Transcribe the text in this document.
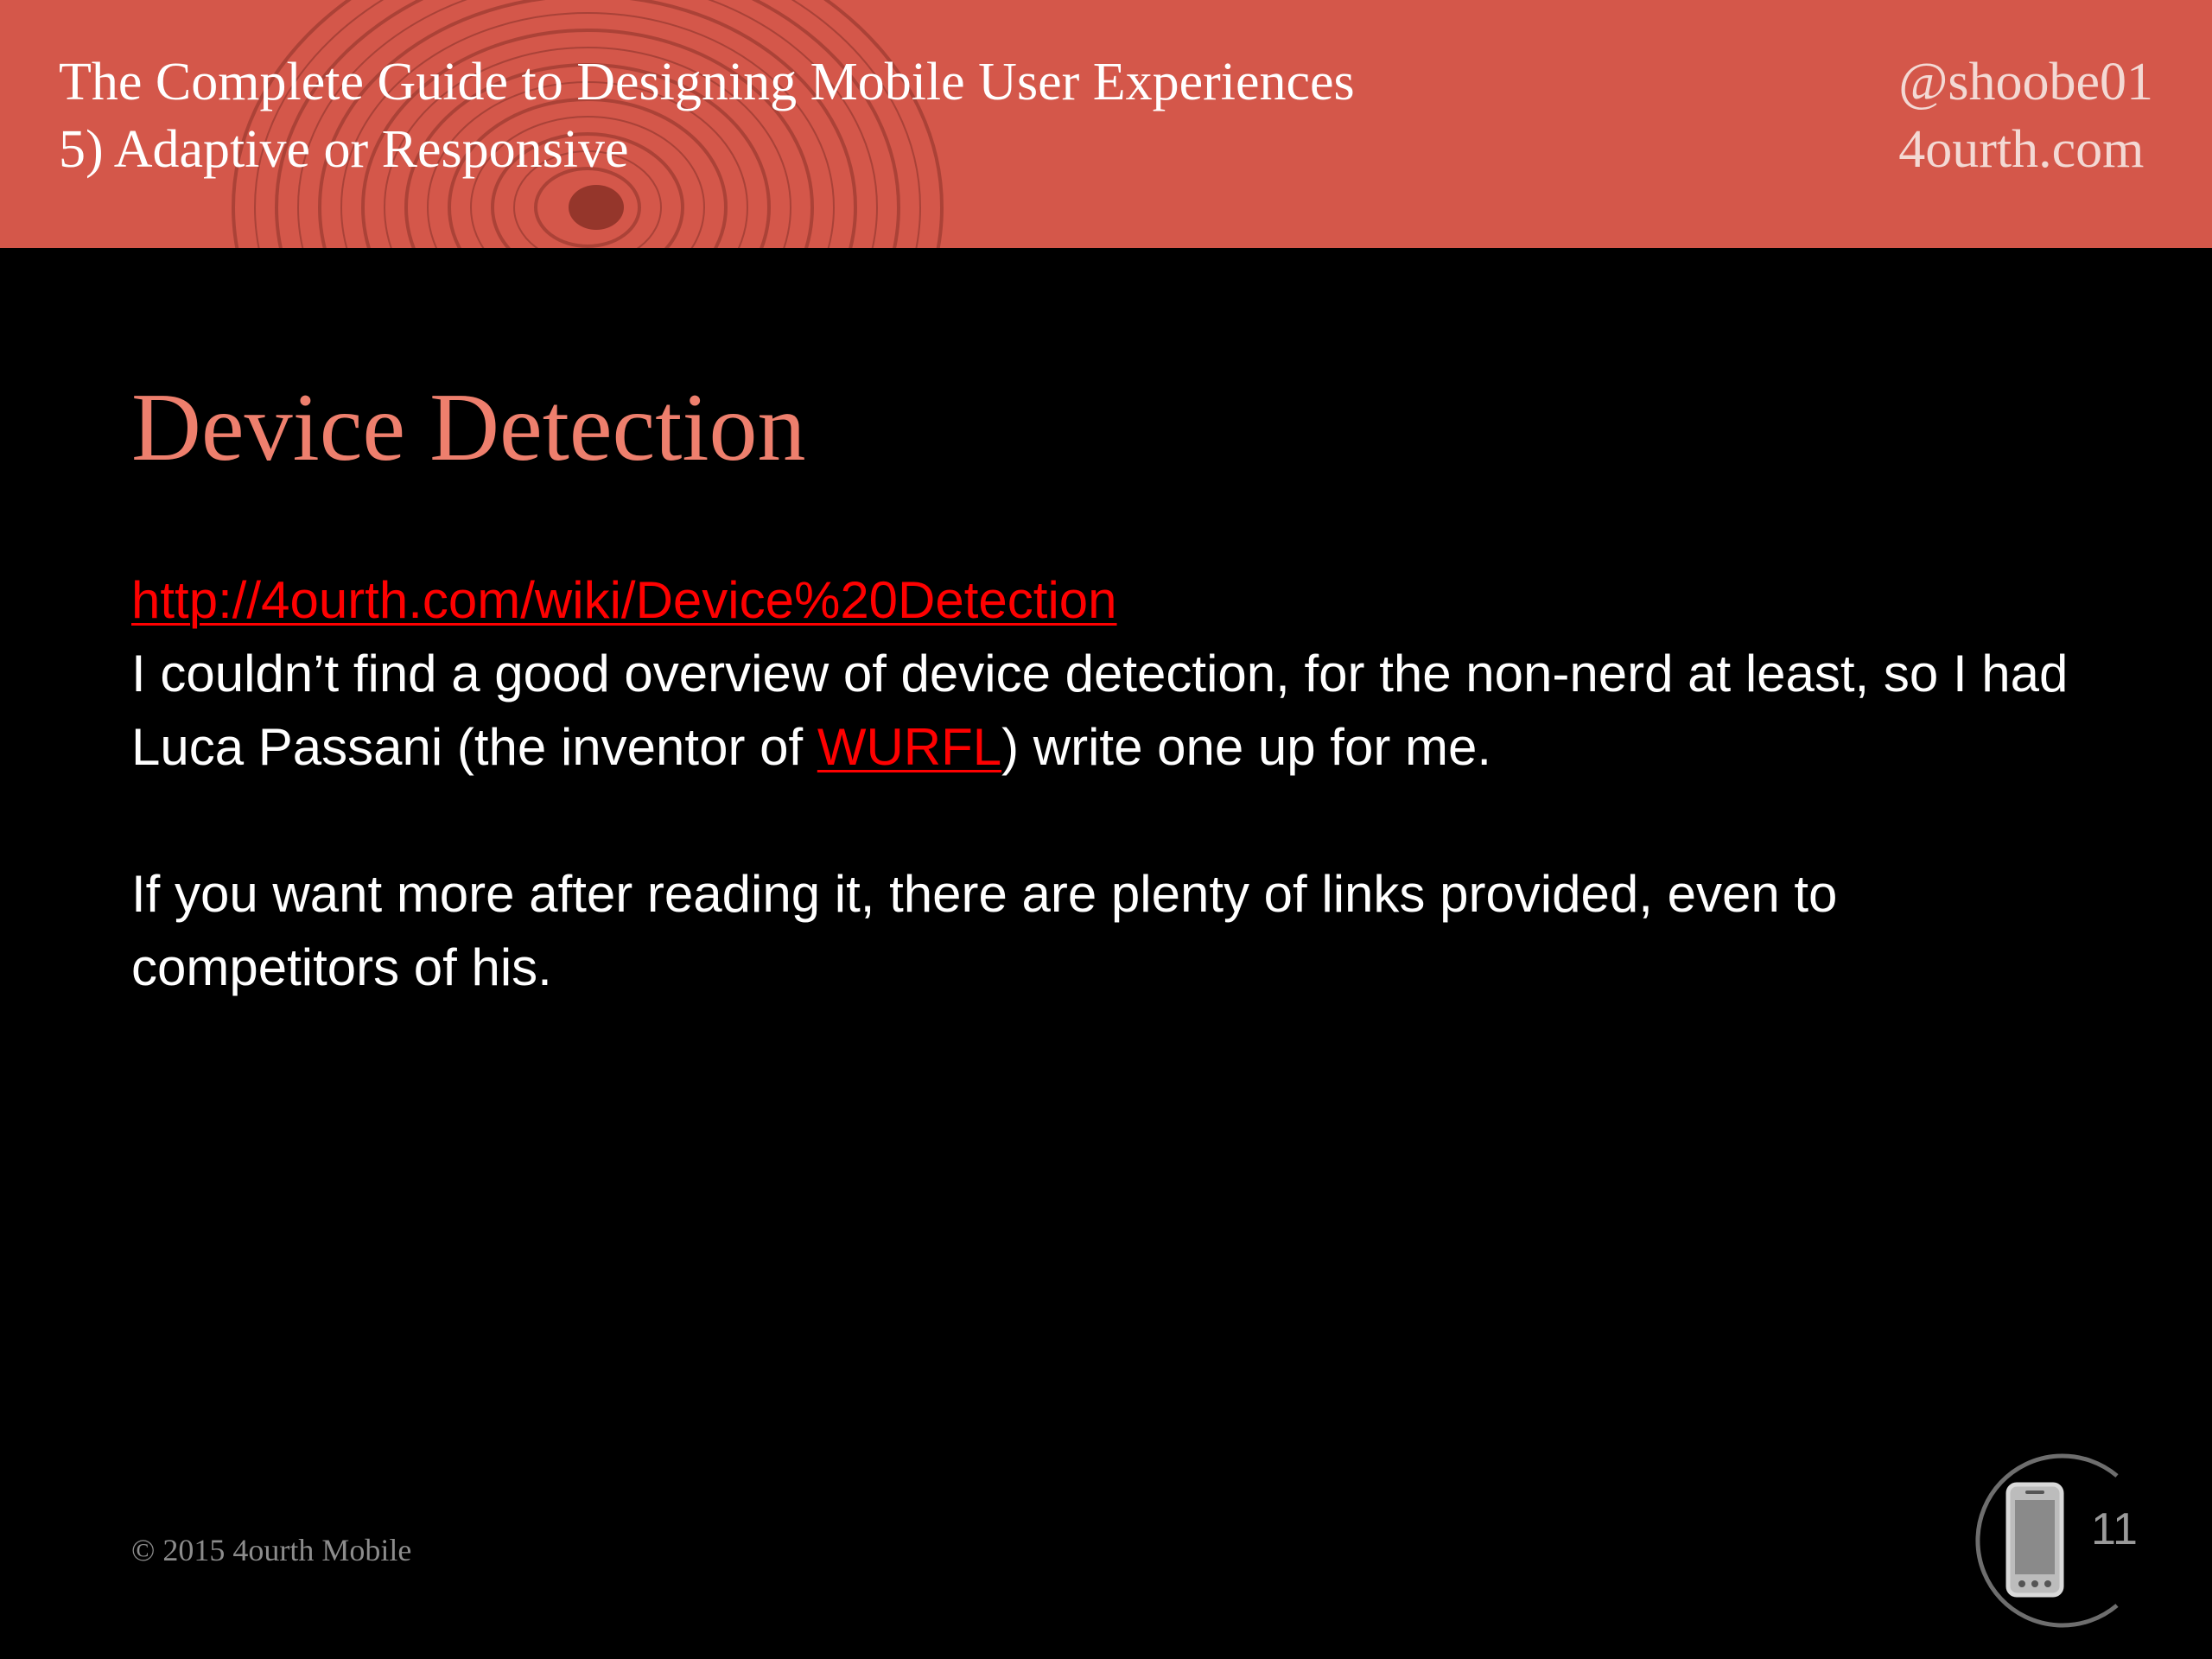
The Complete Guide to Designing Mobile User Experiences
5) Adaptive or Responsive
@shoobe01
4ourth.com
Device Detection
http://4ourth.com/wiki/Device%20Detection
I couldn’t find a good overview of device detection, for the non-nerd at least, so I had Luca Passani (the inventor of WURFL) write one up for me.
If you want more after reading it, there are plenty of links provided, even to competitors of his.
© 2015 4ourth Mobile	11
